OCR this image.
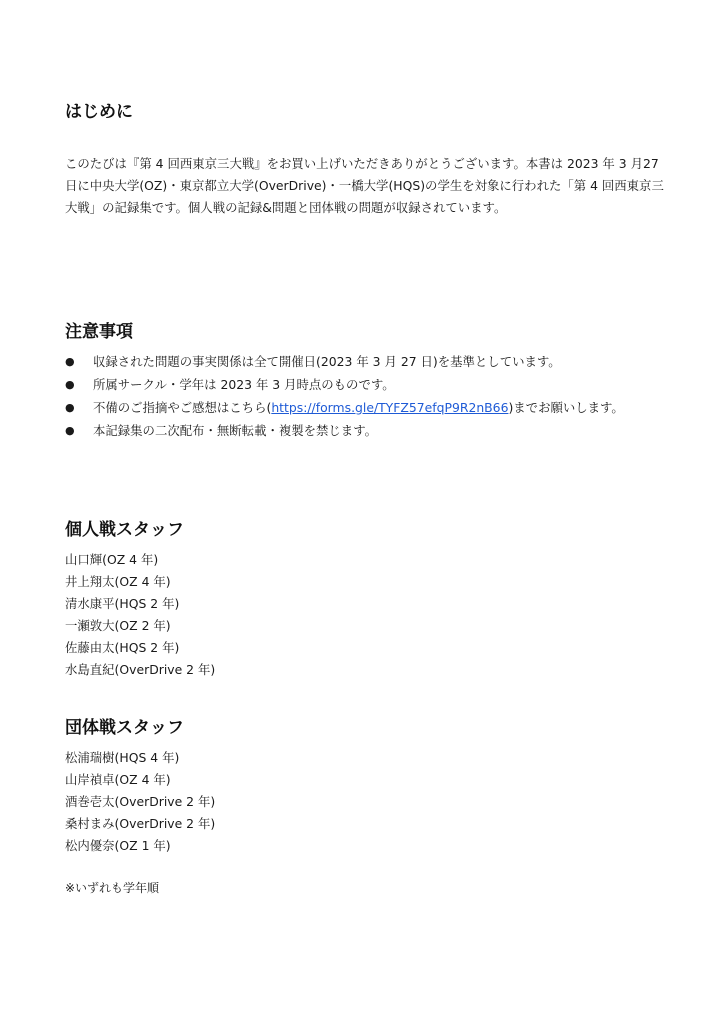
はじめに

このたびは『第 4 回西東京三大戦』をお買い上げいただきありがとうございます。本書は 2023 年 3 月27 日に中央大学(OZ)・東京都立大学(OverDrive)・一橋大学(HQS)の学生を対象に行われた「第 4 回西東京三大戦」の記録集です。個人戦の記録&問題と団体戦の問題が収録されています。

注意事項
● 収録された問題の事実関係は全て開催日(2023 年 3 月 27 日)を基準としています。
● 所属サークル・学年は 2023 年 3 月時点のものです。
● 不備のご指摘やご感想はこちら(https://forms.gle/TYFZ57efqP9R2nB66)までお願いします。
● 本記録集の二次配布・無断転載・複製を禁じます。
個人戦スタッフ
山口輝(OZ 4 年)
井上翔太(OZ 4 年)
清水康平(HQS 2 年)
一瀬敦大(OZ 2 年)
佐藤由太(HQS 2 年)
水島直紀(OverDrive 2 年)
団体戦スタッフ
松浦瑞樹(HQS 4 年)
山岸禎卓(OZ 4 年)
酒巻壱太(OverDrive 2 年)
桑村まみ(OverDrive 2 年)
松内優奈(OZ 1 年)

※いずれも学年順
